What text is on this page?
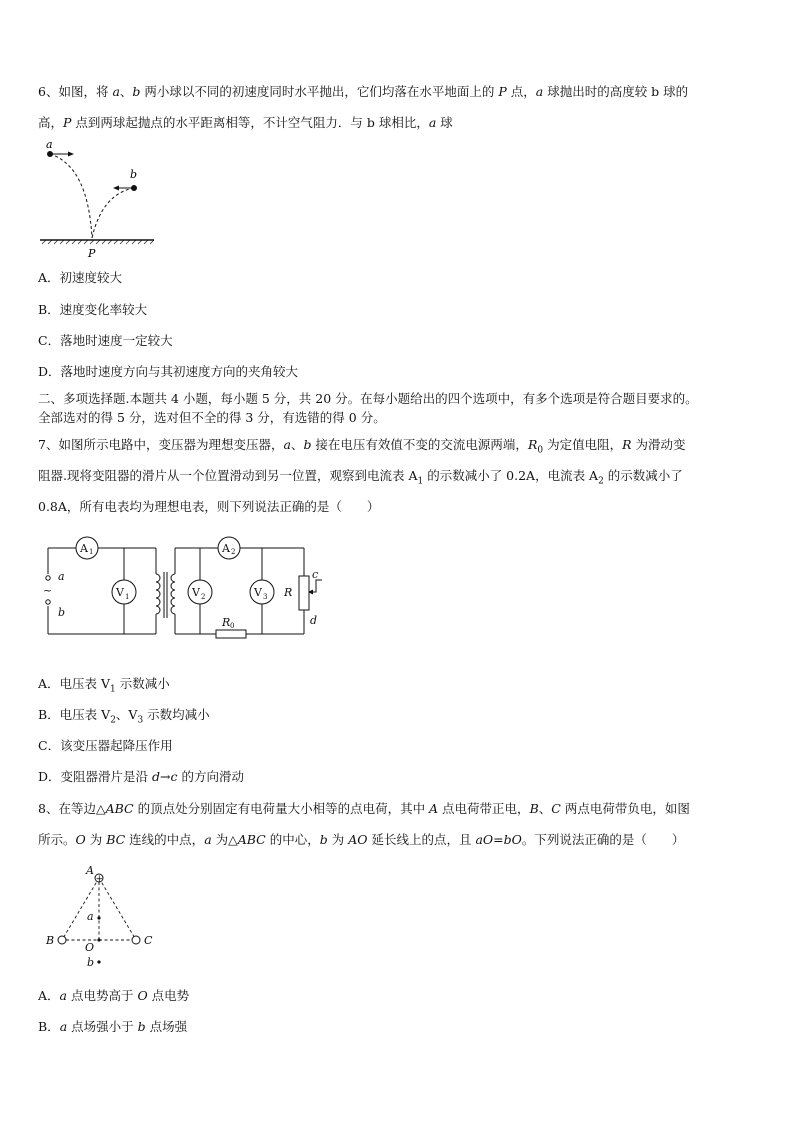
6、如图，将 a、b 两小球以不同的初速度同时水平抛出，它们均落在水平地面上的 P 点，a 球抛出时的高度较 b 球的
高，P 点到两球起抛点的水平距离相等，不计空气阻力．与 b 球相比，a 球
a
b
P
A．初速度较大
B．速度变化率较大
C．落地时速度一定较大
D．落地时速度方向与其初速度方向的夹角较大
二、多项选择题.本题共 4 小题，每小题 5 分，共 20 分。在每小题给出的四个选项中，有多个选项是符合题目要求的。
全部选对的得 5 分，选对但不全的得 3 分，有选错的得 0 分。
7、如图所示电路中，变压器为理想变压器，a、b 接在电压有效值不变的交流电源两端，$R_0$ 为定值电阻，R 为滑动变
阻器.现将变阻器的滑片从一个位置滑动到另一位置，观察到电流表 $A_1$ 的示数减小了 0.2A，电流表 $A_2$ 的示数减小了
0.8A，所有电表均为理想电表，则下列说法正确的是（　　）
A 1
V 1
A 2
V 2	V 3
a
~
b
R
c
d
R 0
A．电压表 $V_1$ 示数减小
B．电压表 $V_2$、$V_3$ 示数均减小
C．该变压器起降压作用
D．变阻器滑片是沿 d→c 的方向滑动
8、在等边△ABC 的顶点处分别固定有电荷量大小相等的点电荷，其中 A 点电荷带正电，B、C 两点电荷带负电，如图
所示。O 为 BC 连线的中点，a 为△ABC 的中心，b 为 AO 延长线上的点，且 aO=bO。下列说法正确的是（　　）
+
A
B	C
a
O
b
A．a 点电势高于 O 点电势
B．a 点场强小于 b 点场强
